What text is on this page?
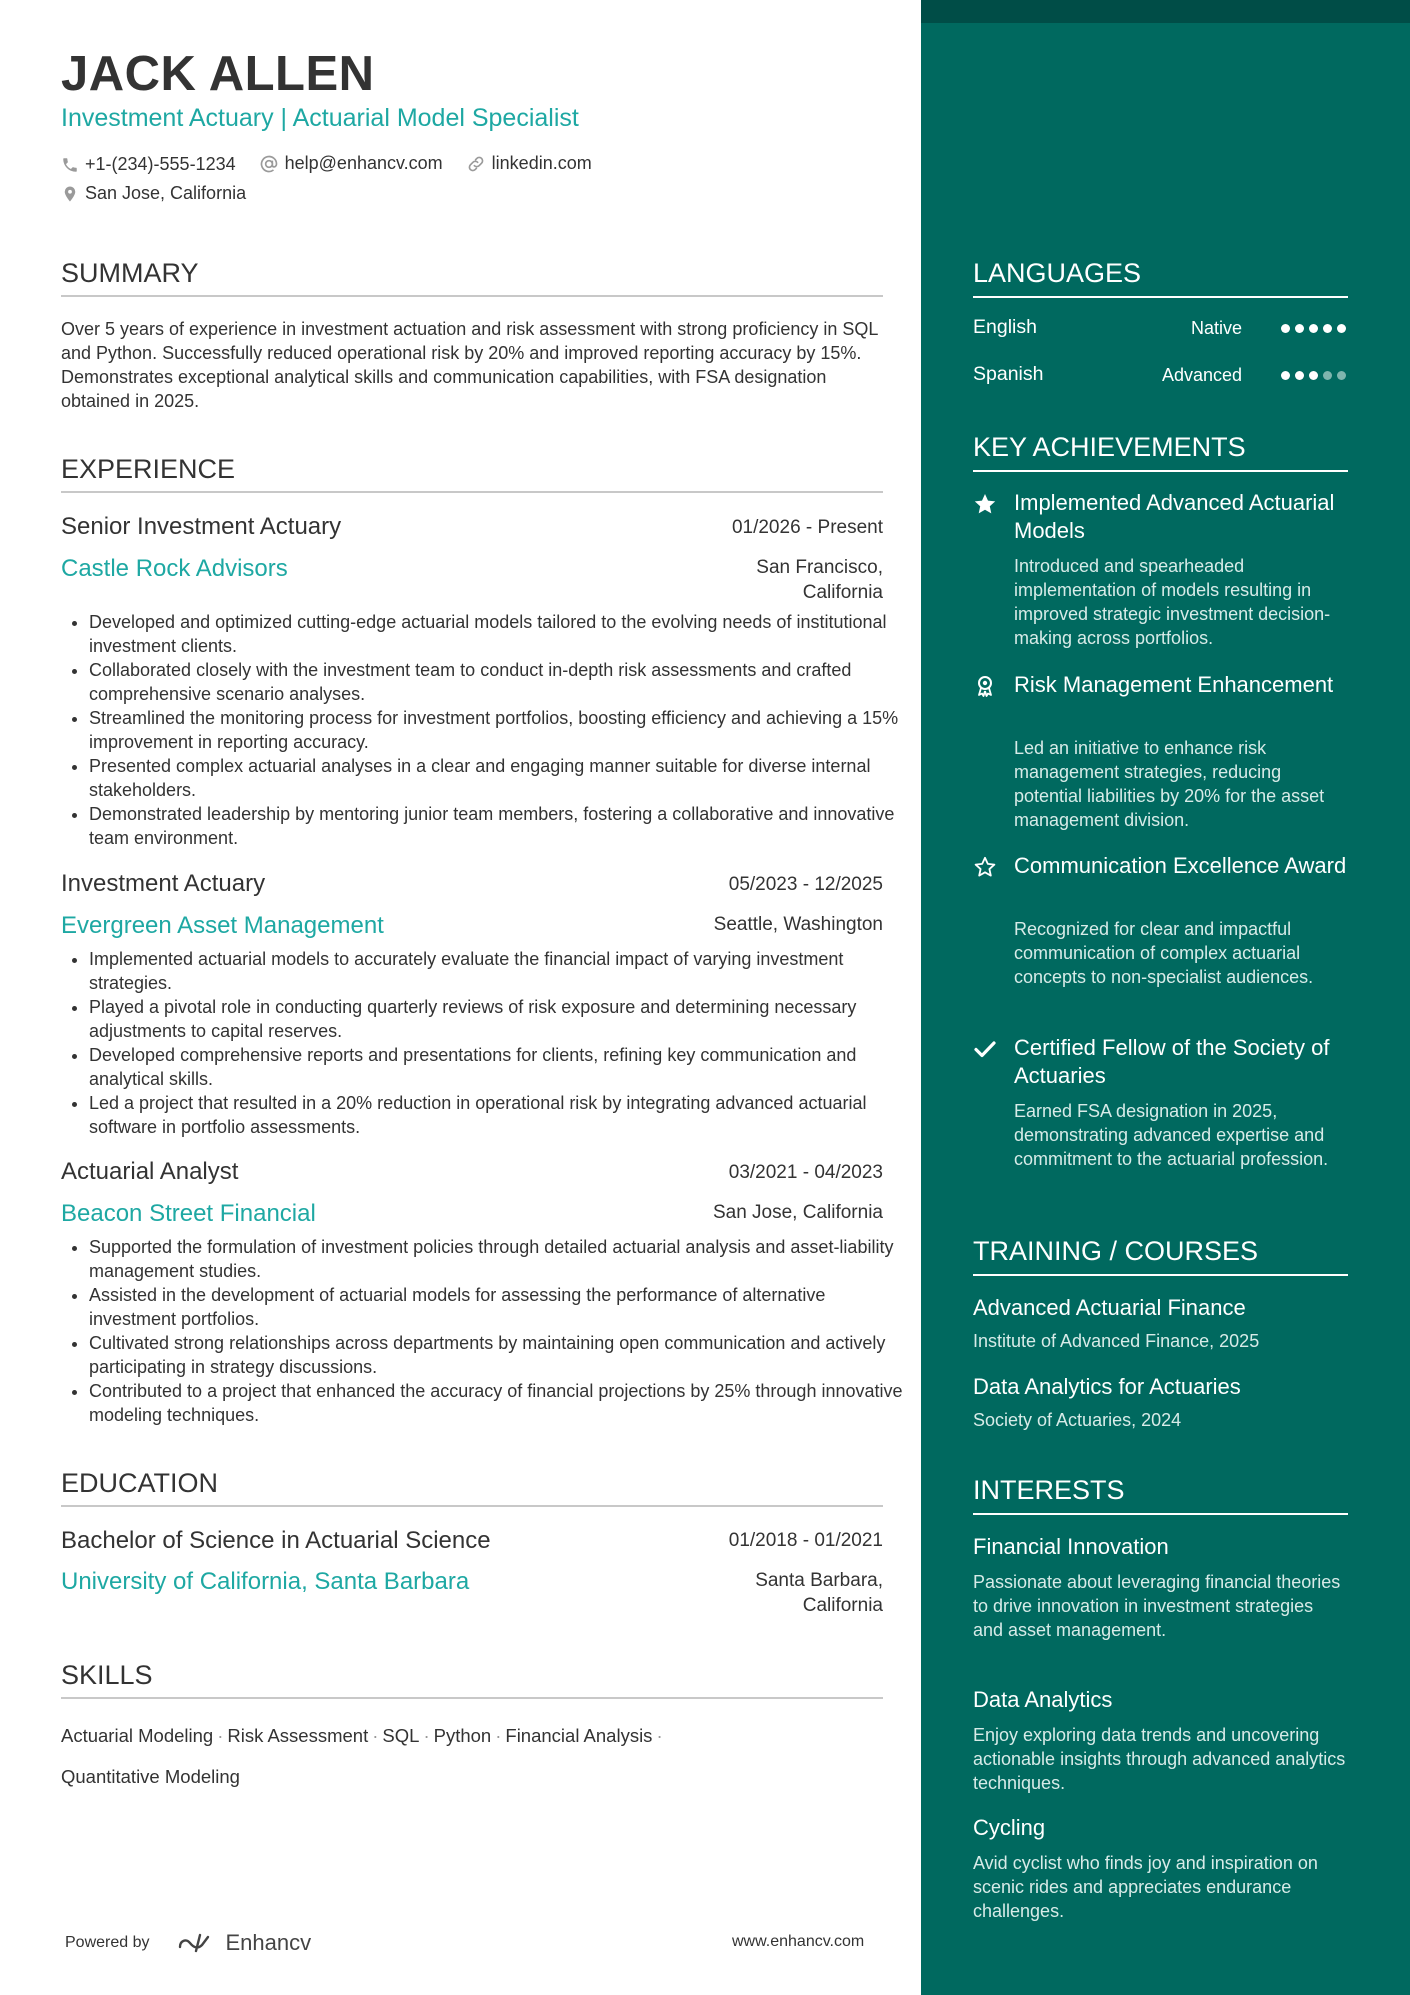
JACK ALLEN
Investment Actuary | Actuarial Model Specialist
+1-(234)-555-1234
	help@enhancv.com
	linkedin.com

San Jose, California
SUMMARY
Over 5 years of experience in investment actuation and risk assessment with strong proficiency in SQL and Python. Successfully reduced operational risk by 20% and improved reporting accuracy by 15%. Demonstrates exceptional analytical skills and communication capabilities, with FSA designation obtained in 2025.
EXPERIENCE
Senior Investment Actuary	01/2026 - Present
Castle Rock Advisors	San Francisco,
California
• Developed and optimized cutting-edge actuarial models tailored to the evolving needs of institutional investment clients.
• Collaborated closely with the investment team to conduct in-depth risk assessments and crafted comprehensive scenario analyses.
• Streamlined the monitoring process for investment portfolios, boosting efficiency and achieving a 15% improvement in reporting accuracy.
• Presented complex actuarial analyses in a clear and engaging manner suitable for diverse internal stakeholders.
• Demonstrated leadership by mentoring junior team members, fostering a collaborative and innovative team environment.
Investment Actuary	05/2023 - 12/2025
Evergreen Asset Management	Seattle, Washington
• Implemented actuarial models to accurately evaluate the financial impact of varying investment strategies.
• Played a pivotal role in conducting quarterly reviews of risk exposure and determining necessary adjustments to capital reserves.
• Developed comprehensive reports and presentations for clients, refining key communication and analytical skills.
• Led a project that resulted in a 20% reduction in operational risk by integrating advanced actuarial software in portfolio assessments.
Actuarial Analyst	03/2021 - 04/2023
Beacon Street Financial	San Jose, California
• Supported the formulation of investment policies through detailed actuarial analysis and asset-liability management studies.
• Assisted in the development of actuarial models for assessing the performance of alternative investment portfolios.
• Cultivated strong relationships across departments by maintaining open communication and actively participating in strategy discussions.
• Contributed to a project that enhanced the accuracy of financial projections by 25% through innovative modeling techniques.
EDUCATION
Bachelor of Science in Actuarial Science	01/2018 - 01/2021
University of California, Santa Barbara	Santa Barbara,
California
SKILLS
Actuarial Modeling · Risk Assessment · SQL · Python · Financial Analysis ·
Quantitative Modeling
Powered by	Enhancv	www.enhancv.com
LANGUAGES
English	Native
Spanish	Advanced
KEY ACHIEVEMENTS
Implemented Advanced Actuarial Models
Introduced and spearheaded implementation of models resulting in improved strategic investment decision-making across portfolios.
Risk Management Enhancement
Led an initiative to enhance risk management strategies, reducing potential liabilities by 20% for the asset management division.
Communication Excellence Award
Recognized for clear and impactful communication of complex actuarial concepts to non-specialist audiences.
Certified Fellow of the Society of Actuaries
Earned FSA designation in 2025, demonstrating advanced expertise and commitment to the actuarial profession.
TRAINING / COURSES
Advanced Actuarial Finance
Institute of Advanced Finance, 2025
Data Analytics for Actuaries
Society of Actuaries, 2024
INTERESTS
Financial Innovation
Passionate about leveraging financial theories to drive innovation in investment strategies and asset management.
Data Analytics
Enjoy exploring data trends and uncovering actionable insights through advanced analytics techniques.
Cycling
Avid cyclist who finds joy and inspiration on scenic rides and appreciates endurance challenges.
